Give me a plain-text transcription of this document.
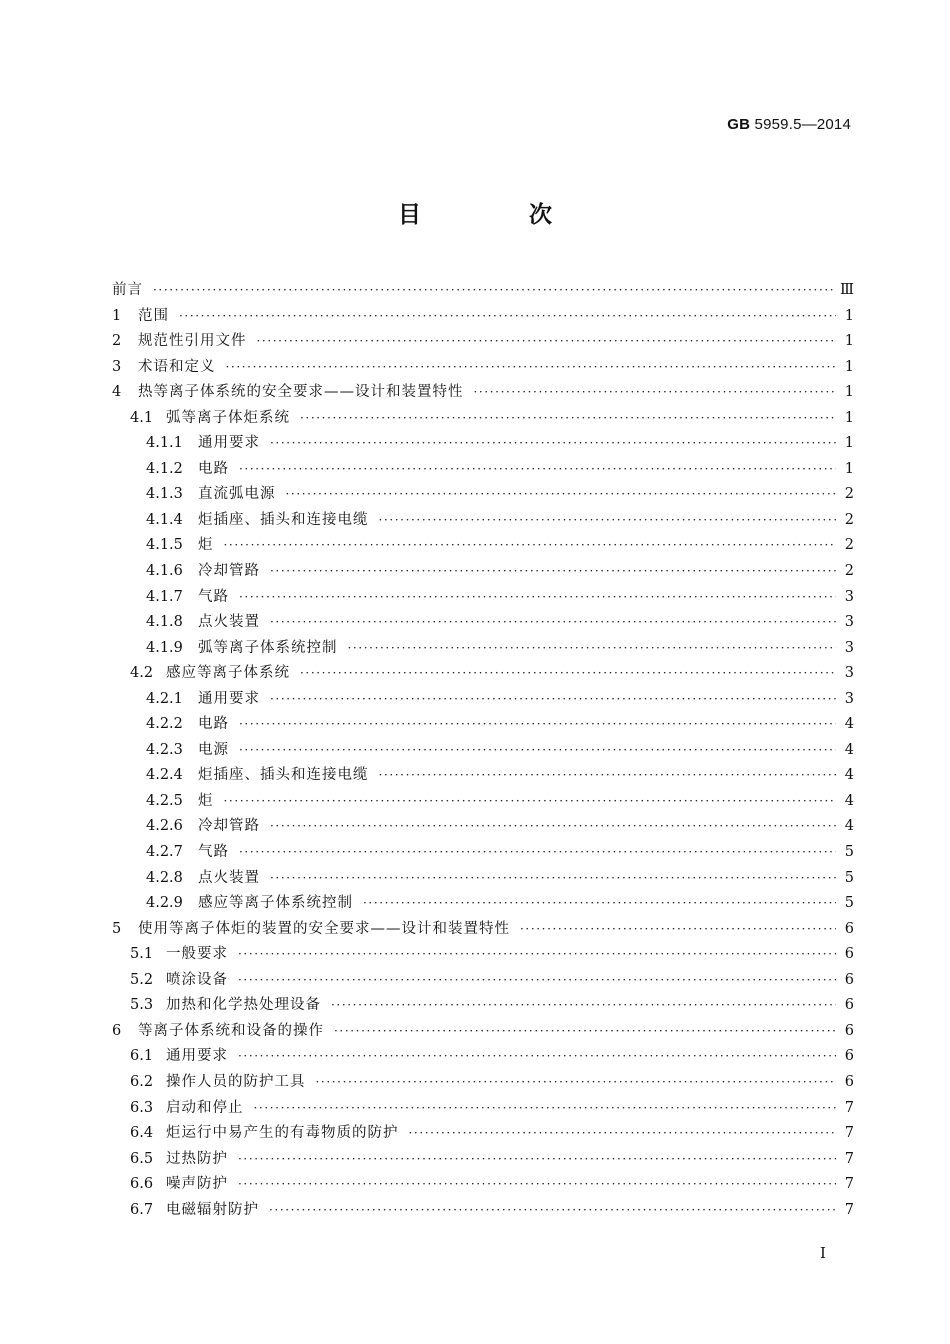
GB 5959.5—2014
目 次
前言 ·····	Ⅲ
1	范围 ·····	1
2	规范性引用文件 ·····	1
3	术语和定义 ·····	1
4	热等离子体系统的安全要求——设计和装置特性 ·····	1
4.1 弧等离子体炬系统 ·····	1
4.1.1	通用要求 ·····	1
4.1.2	电路 ·····	1
4.1.3	直流弧电源 ·····	2
4.1.4	炬插座、插头和连接电缆 ·····	2
4.1.5	炬 ·····	2
4.1.6	冷却管路 ·····	2
4.1.7	气路 ·····	3
4.1.8	点火装置 ·····	3
4.1.9	弧等离子体系统控制 ·····	3
4.2 感应等离子体系统 ·····	3
4.2.1	通用要求 ·····	3
4.2.2	电路 ·····	4
4.2.3	电源 ·····	4
4.2.4	炬插座、插头和连接电缆 ·····	4
4.2.5	炬 ·····	4
4.2.6	冷却管路 ·····	4
4.2.7	气路 ·····	5
4.2.8	点火装置 ·····	5
4.2.9	感应等离子体系统控制 ·····	5
5	使用等离子体炬的装置的安全要求——设计和装置特性 ·····	6
5.1 一般要求 ·····	6
5.2 喷涂设备 ·····	6
5.3 加热和化学热处理设备 ·····	6
6	等离子体系统和设备的操作 ·····	6
6.1 通用要求 ·····	6
6.2 操作人员的防护工具 ·····	6
6.3 启动和停止 ·····	7
6.4 炬运行中易产生的有毒物质的防护 ·····	7
6.5 过热防护 ·····	7
6.6 噪声防护 ·····	7
6.7 电磁辐射防护 ·····	7
I
